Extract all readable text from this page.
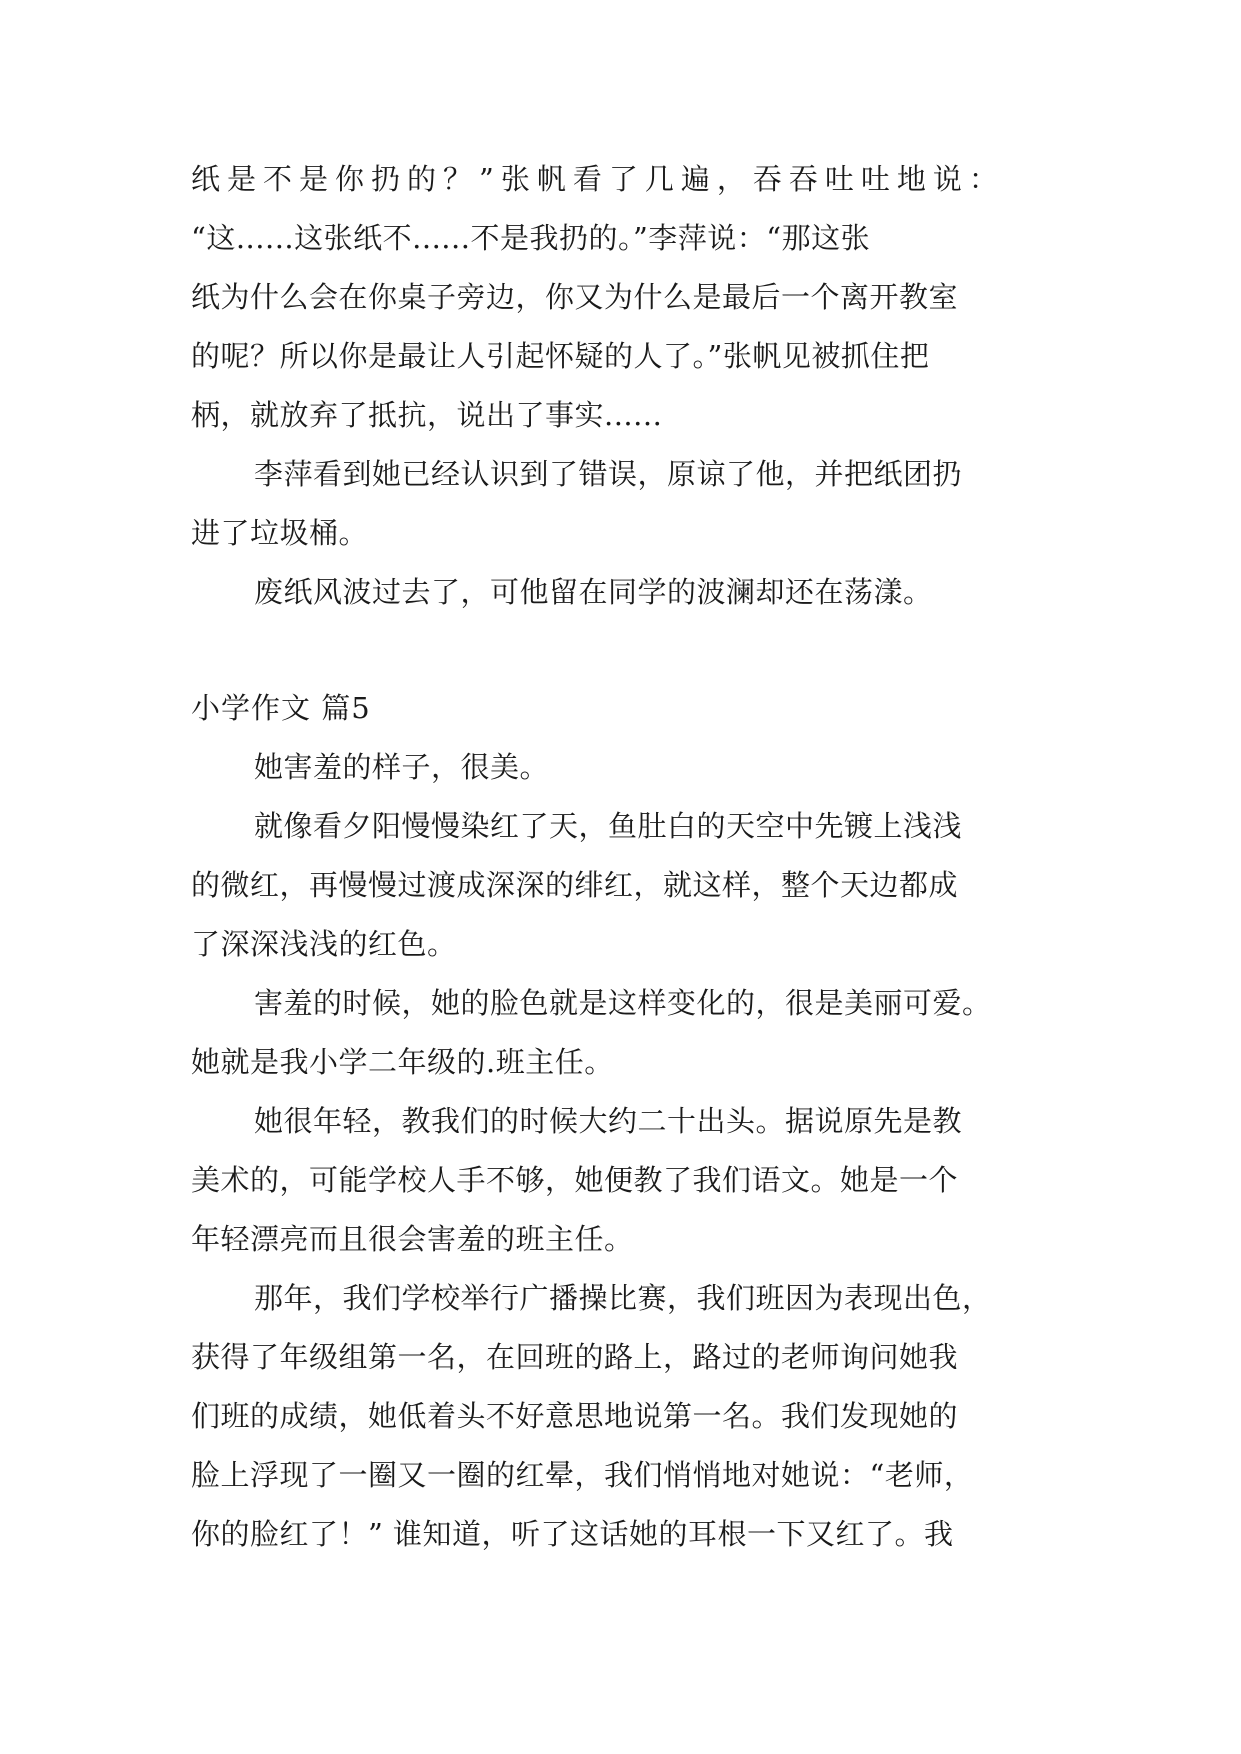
纸是不是你扔的？”张帆看了几遍，吞吞吐吐地说：
“这......这张纸不......不是我扔的。”李萍说：“那这张
纸为什么会在你桌子旁边，你又为什么是最后一个离开教室
的呢？所以你是最让人引起怀疑的人了。”张帆见被抓住把
柄，就放弃了抵抗，说出了事实......
李萍看到她已经认识到了错误，原谅了他，并把纸团扔
进了垃圾桶。
废纸风波过去了，可他留在同学的波澜却还在荡漾。
小学作文 篇5
她害羞的样子，很美。
就像看夕阳慢慢染红了天，鱼肚白的天空中先镀上浅浅
的微红，再慢慢过渡成深深的绯红，就这样，整个天边都成
了深深浅浅的红色。
害羞的时候，她的脸色就是这样变化的，很是美丽可爱。
她就是我小学二年级的.班主任。
她很年轻，教我们的时候大约二十出头。据说原先是教
美术的，可能学校人手不够，她便教了我们语文。她是一个
年轻漂亮而且很会害羞的班主任。
那年，我们学校举行广播操比赛，我们班因为表现出色，
获得了年级组第一名，在回班的路上，路过的老师询问她我
们班的成绩，她低着头不好意思地说第一名。我们发现她的
脸上浮现了一圈又一圈的红晕，我们悄悄地对她说：“老师，
你的脸红了！” 谁知道，听了这话她的耳根一下又红了。我
